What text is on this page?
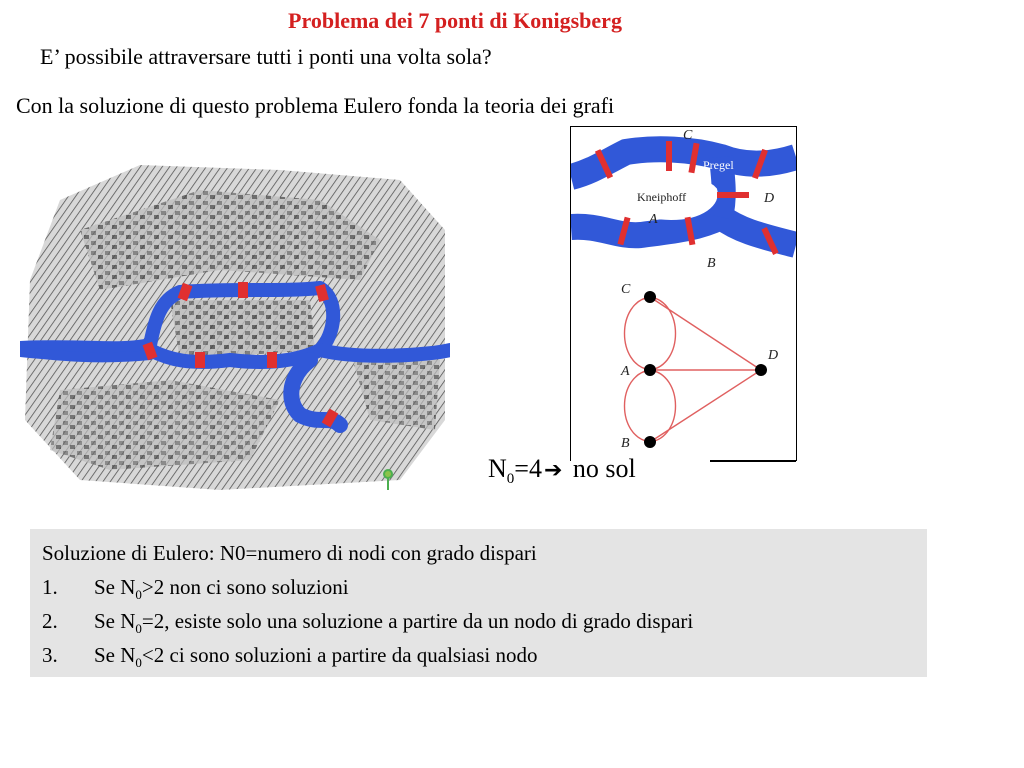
Problema dei 7 ponti di Konigsberg
E’ possibile attraversare tutti i ponti una volta sola?
Con la soluzione di questo problema Eulero fonda la teoria dei grafi
Pregel
Kneiphoff
A
B
C
D
C
A
B
D
$N_0=4➔$ no sol
Soluzione di Eulero: N0=numero di nodi con grado dispari
1. Se $N_0>2$ non ci sono soluzioni
2. Se $N_0=2$, esiste solo una soluzione a partire da un nodo di grado dispari
3. Se $N_0<2$ ci sono soluzioni a partire da qualsiasi nodo
